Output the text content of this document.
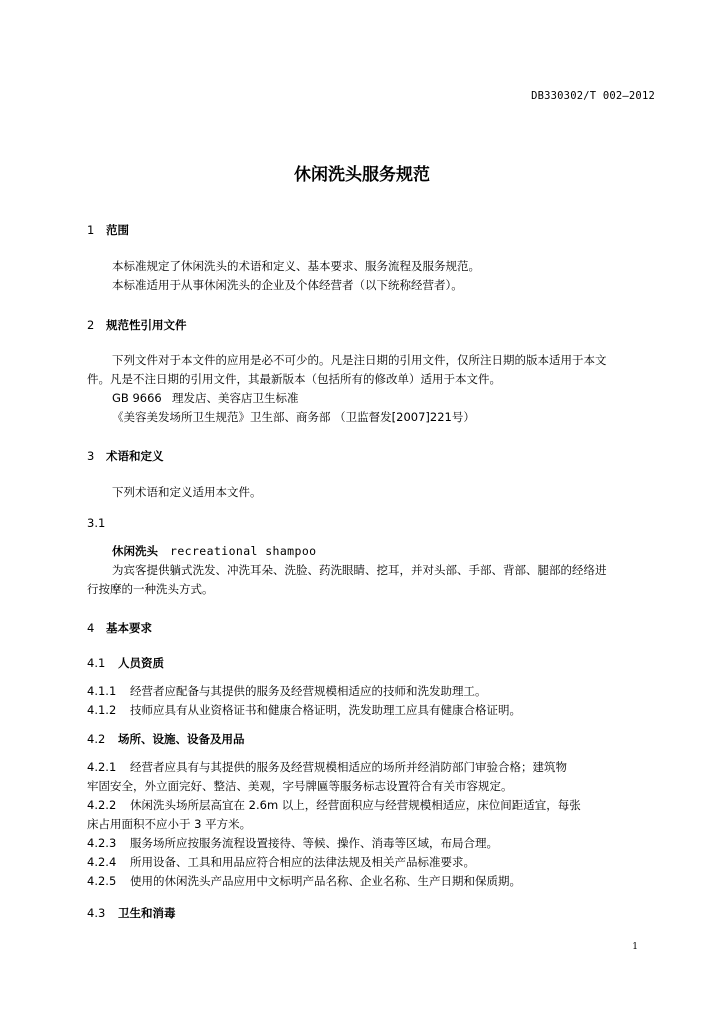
DB330302/T 002—2012

休闲洗头服务规范
1 范围

本标准规定了休闲洗头的术语和定义、基本要求、服务流程及服务规范。

本标准适用于从事休闲洗头的企业及个体经营者（以下统称经营者）。

2 规范性引用文件

下列文件对于本文件的应用是必不可少的。凡是注日期的引用文件，仅所注日期的版本适用于本文

件。凡是不注日期的引用文件，其最新版本（包括所有的修改单）适用于本文件。

GB 9666 理发店、美容店卫生标准

《美容美发场所卫生规范》卫生部、商务部 （卫监督发[2007]221号）

3 术语和定义

下列术语和定义适用本文件。

3.1

休闲洗头 recreational shampoo

为宾客提供躺式洗发、冲洗耳朵、洗脸、药洗眼睛、挖耳，并对头部、手部、背部、腿部的经络进

行按摩的一种洗头方式。

4 基本要求
4.1 人员资质

4.1.1 经营者应配备与其提供的服务及经营规模相适应的技师和洗发助理工。

4.1.2 技师应具有从业资格证书和健康合格证明，洗发助理工应具有健康合格证明。

4.2 场所、设施、设备及用品

4.2.1 经营者应具有与其提供的服务及经营规模相适应的场所并经消防部门审验合格；建筑物

牢固安全，外立面完好、整洁、美观，字号牌匾等服务标志设置符合有关市容规定。

4.2.2 休闲洗头场所层高宜在 2.6m 以上，经营面积应与经营规模相适应，床位间距适宜，每张

床占用面积不应小于 3 平方米。

4.2.3 服务场所应按服务流程设置接待、等候、操作、消毒等区域，布局合理。

4.2.4 所用设备、工具和用品应符合相应的法律法规及相关产品标准要求。

4.2.5 使用的休闲洗头产品应用中文标明产品名称、企业名称、生产日期和保质期。

4.3 卫生和消毒

1
